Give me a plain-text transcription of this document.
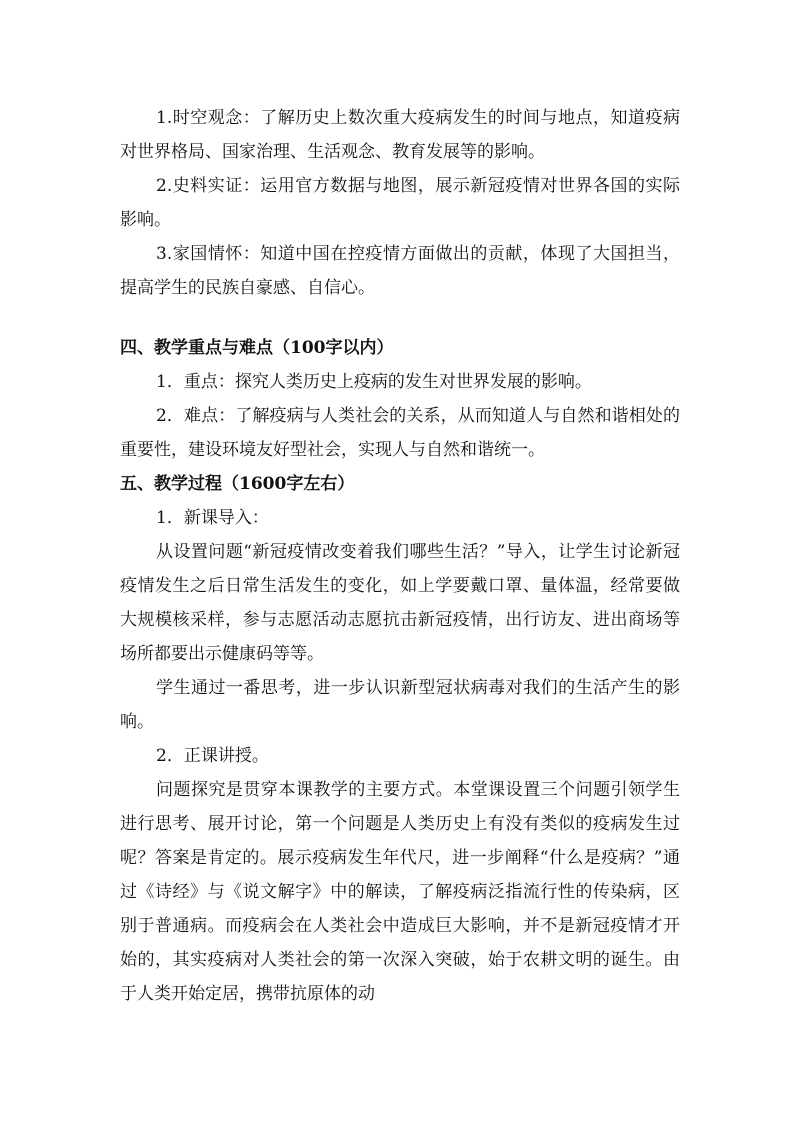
1.时空观念：了解历史上数次重大疫病发生的时间与地点，知道疫病对世界格局、国家治理、生活观念、教育发展等的影响。

2.史料实证：运用官方数据与地图，展示新冠疫情对世界各国的实际影响。

3.家国情怀：知道中国在控疫情方面做出的贡献，体现了大国担当，提高学生的民族自豪感、自信心。

四、教学重点与难点（100字以内）

1．重点：探究人类历史上疫病的发生对世界发展的影响。

2．难点：了解疫病与人类社会的关系，从而知道人与自然和谐相处的重要性，建设环境友好型社会，实现人与自然和谐统一。

五、教学过程（1600字左右）

1．新课导入：

从设置问题“新冠疫情改变着我们哪些生活？”导入，让学生讨论新冠疫情发生之后日常生活发生的变化，如上学要戴口罩、量体温，经常要做大规模核采样，参与志愿活动志愿抗击新冠疫情，出行访友、进出商场等场所都要出示健康码等等。

学生通过一番思考，进一步认识新型冠状病毒对我们的生活产生的影响。

2．正课讲授。

问题探究是贯穿本课教学的主要方式。本堂课设置三个问题引领学生进行思考、展开讨论，第一个问题是人类历史上有没有类似的疫病发生过呢？答案是肯定的。展示疫病发生年代尺，进一步阐释“什么是疫病？”通过《诗经》与《说文解字》中的解读，了解疫病泛指流行性的传染病，区别于普通病。而疫病会在人类社会中造成巨大影响，并不是新冠疫情才开始的，其实疫病对人类社会的第一次深入突破，始于农耕文明的诞生。由于人类开始定居，携带抗原体的动
